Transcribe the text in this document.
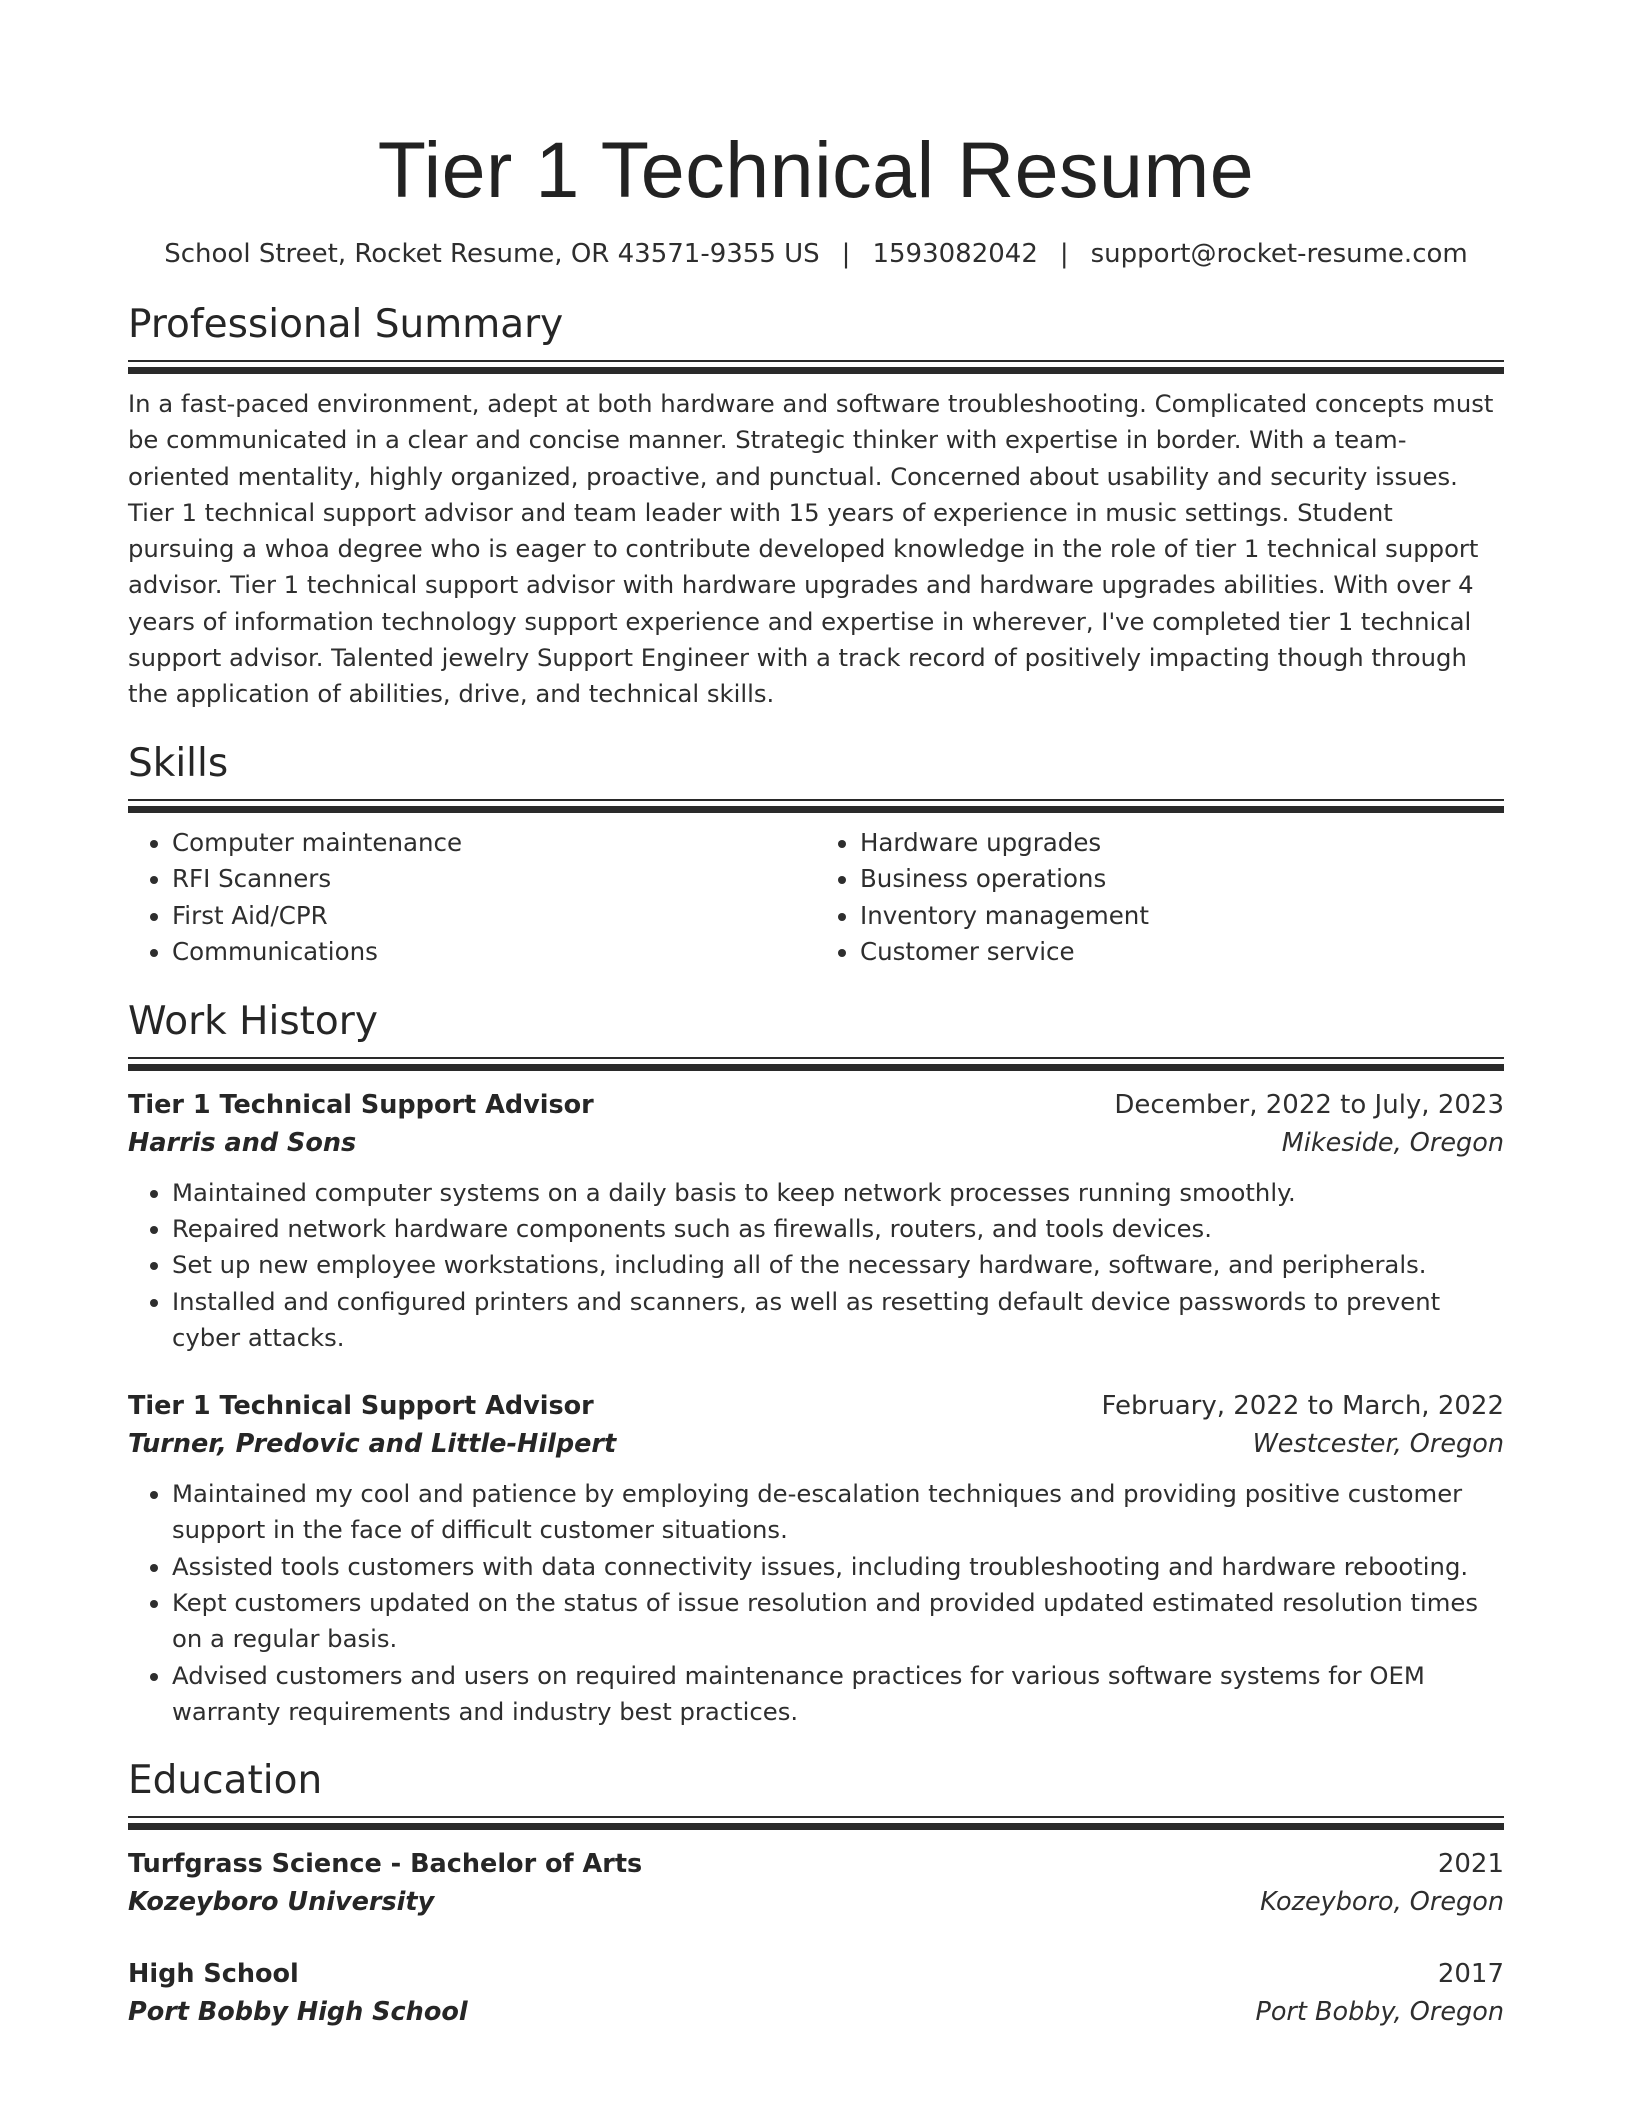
Tier 1 Technical Resume
School Street, Rocket Resume, OR 43571-9355 US | 1593082042 | support@rocket-resume.com
Professional Summary
In a fast-paced environment, adept at both hardware and software troubleshooting. Complicated concepts must be communicated in a clear and concise manner. Strategic thinker with expertise in border. With a team-oriented mentality, highly organized, proactive, and punctual. Concerned about usability and security issues. Tier 1 technical support advisor and team leader with 15 years of experience in music settings. Student pursuing a whoa degree who is eager to contribute developed knowledge in the role of tier 1 technical support advisor. Tier 1 technical support advisor with hardware upgrades and hardware upgrades abilities. With over 4 years of information technology support experience and expertise in wherever, I've completed tier 1 technical support advisor. Talented jewelry Support Engineer with a track record of positively impacting though through the application of abilities, drive, and technical skills.
Skills
• Computer maintenance
• RFI Scanners
• First Aid/CPR
• Communications
• Hardware upgrades
• Business operations
• Inventory management
• Customer service
Work History
Tier 1 Technical Support Advisor	December, 2022 to July, 2023
Harris and Sons	Mikeside, Oregon
• Maintained computer systems on a daily basis to keep network processes running smoothly.
• Repaired network hardware components such as firewalls, routers, and tools devices.
• Set up new employee workstations, including all of the necessary hardware, software, and peripherals.
• Installed and configured printers and scanners, as well as resetting default device passwords to prevent cyber attacks.
Tier 1 Technical Support Advisor	February, 2022 to March, 2022
Turner, Predovic and Little-Hilpert	Westcester, Oregon
• Maintained my cool and patience by employing de-escalation techniques and providing positive customer support in the face of difficult customer situations.
• Assisted tools customers with data connectivity issues, including troubleshooting and hardware rebooting.
• Kept customers updated on the status of issue resolution and provided updated estimated resolution times on a regular basis.
• Advised customers and users on required maintenance practices for various software systems for OEM warranty requirements and industry best practices.
Education
Turfgrass Science - Bachelor of Arts	2021
Kozeyboro University	Kozeyboro, Oregon
High School	2017
Port Bobby High School	Port Bobby, Oregon
